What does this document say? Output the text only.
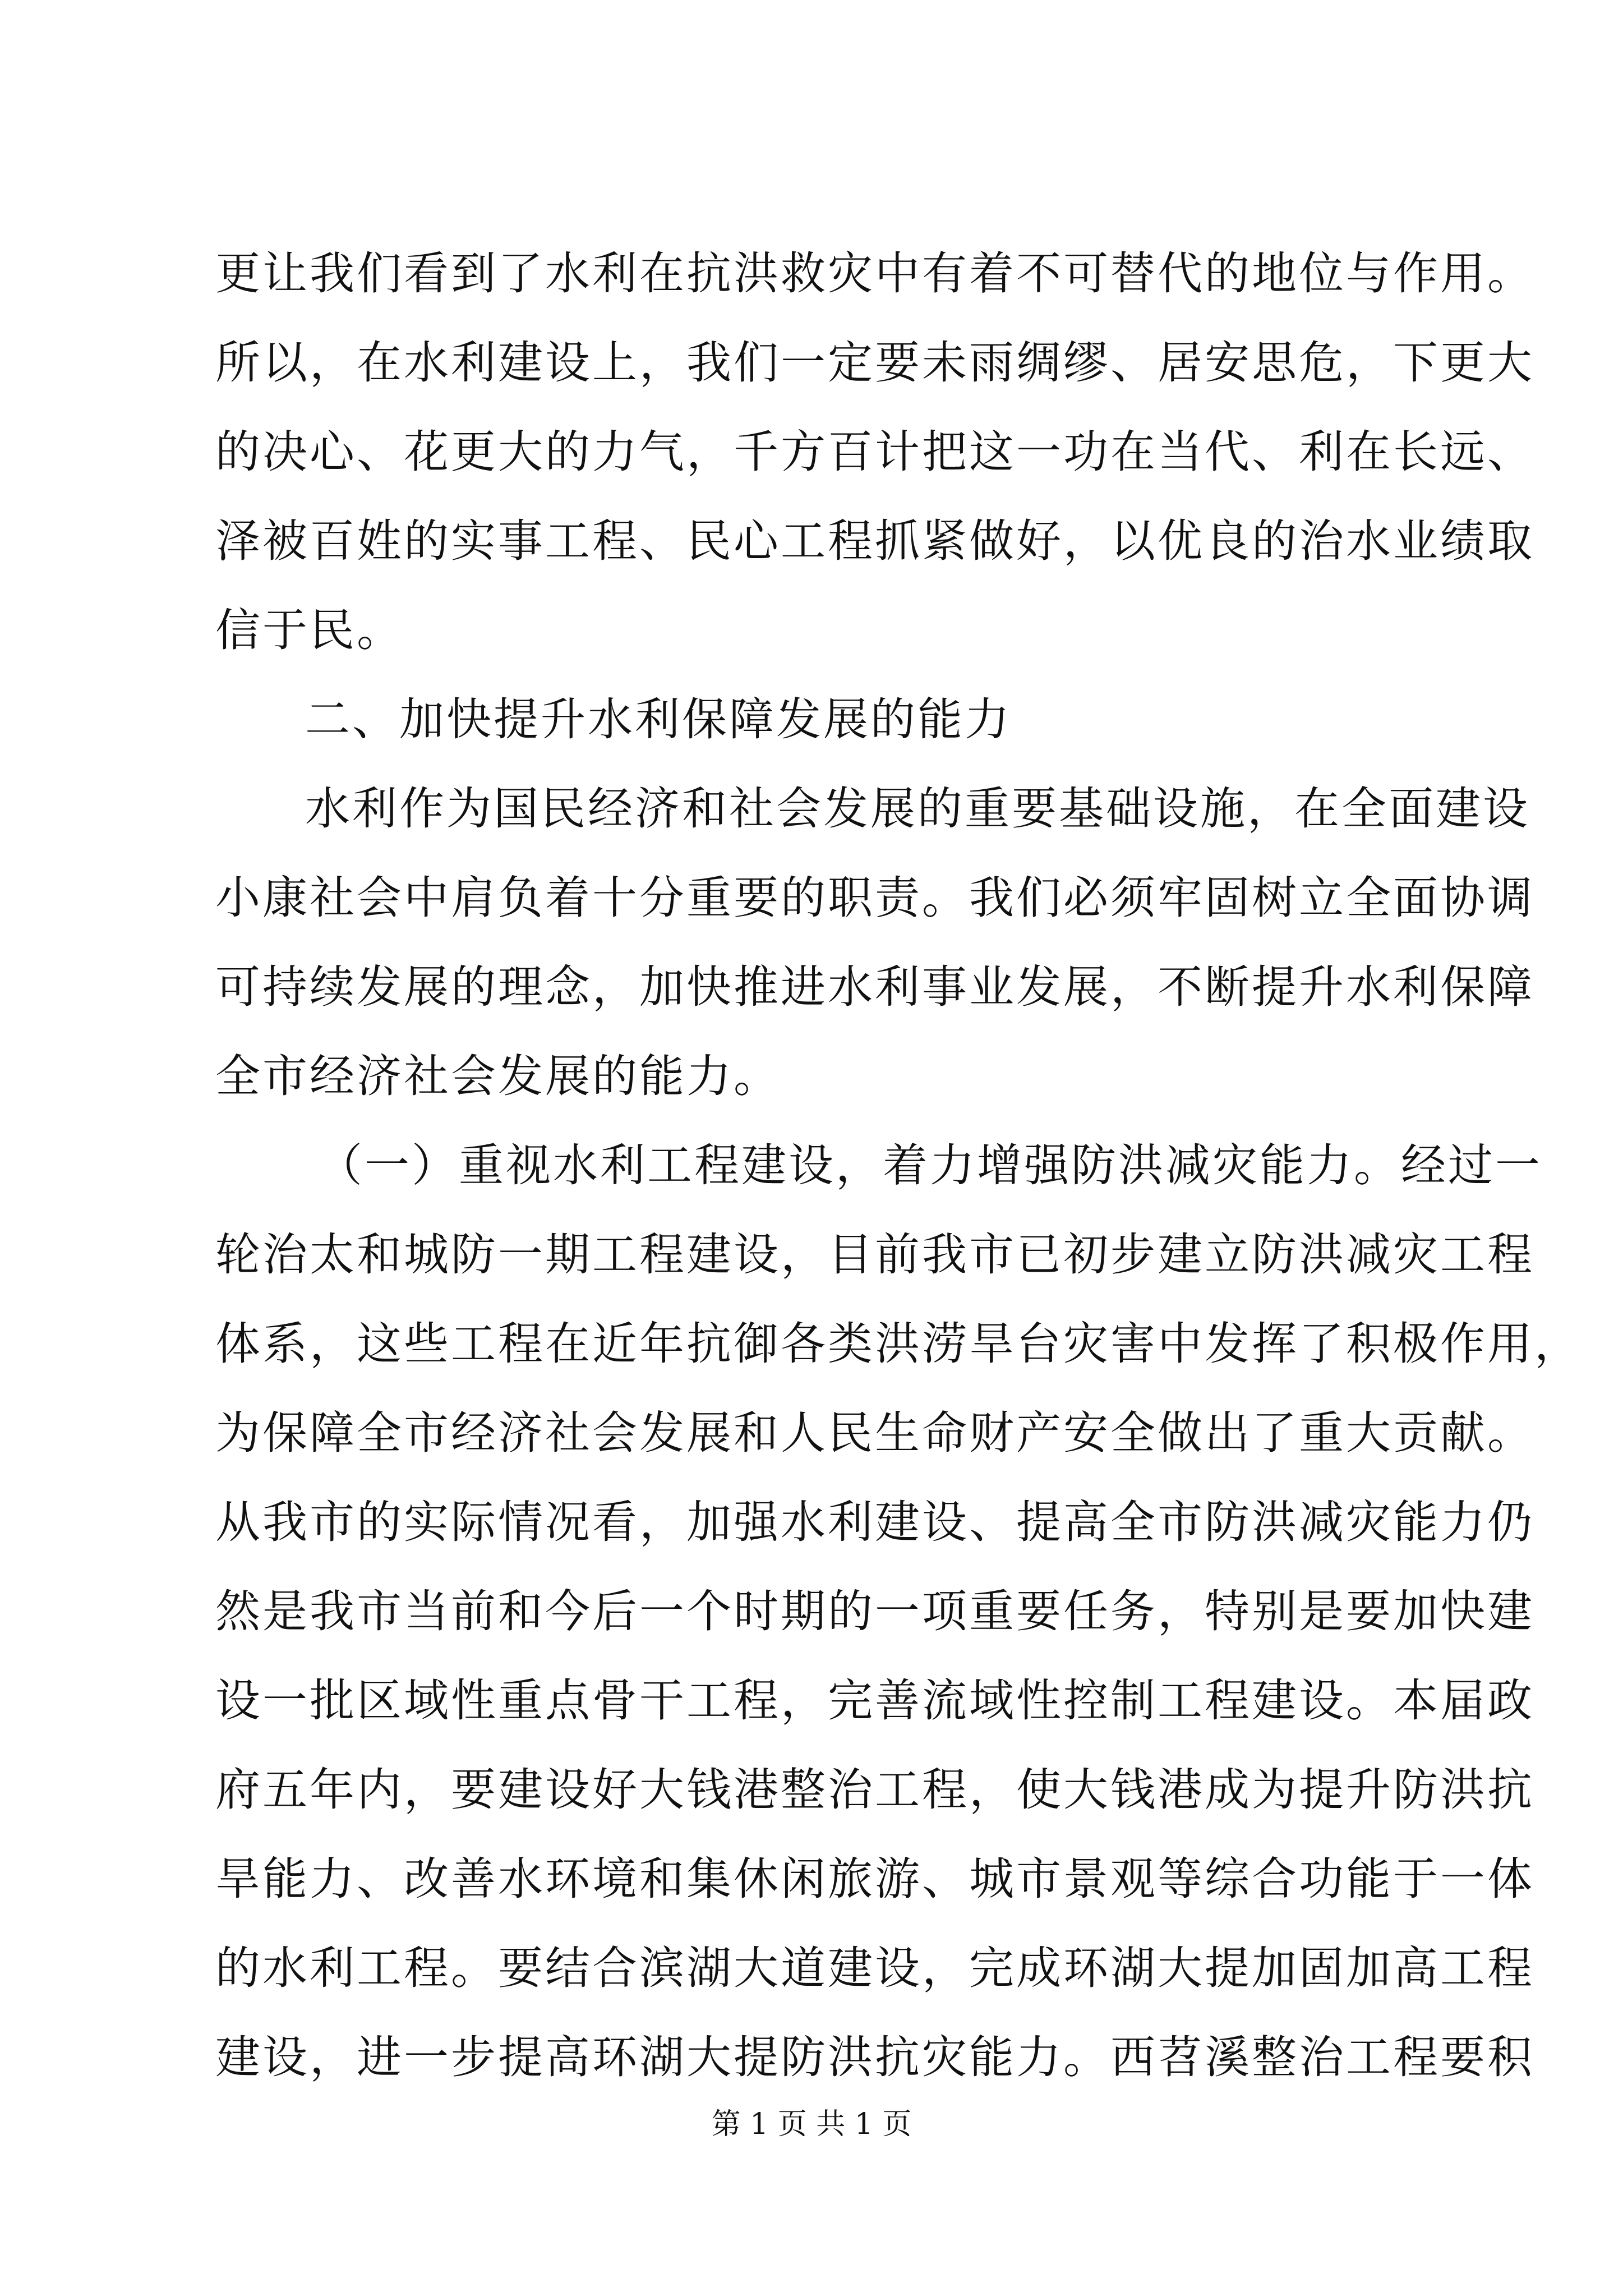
更让我们看到了水利在抗洪救灾中有着不可替代的地位与作用。
所以，在水利建设上，我们一定要未雨绸缪、居安思危，下更大
的决心、花更大的力气，千方百计把这一功在当代、利在长远、
泽被百姓的实事工程、民心工程抓紧做好，以优良的治水业绩取
信于民。
二、加快提升水利保障发展的能力
水利作为国民经济和社会发展的重要基础设施，在全面建设
小康社会中肩负着十分重要的职责。我们必须牢固树立全面协调
可持续发展的理念，加快推进水利事业发展，不断提升水利保障
全市经济社会发展的能力。
（一）重视水利工程建设，着力增强防洪减灾能力。经过一
轮治太和城防一期工程建设，目前我市已初步建立防洪减灾工程
体系，这些工程在近年抗御各类洪涝旱台灾害中发挥了积极作用，
为保障全市经济社会发展和人民生命财产安全做出了重大贡献。
从我市的实际情况看，加强水利建设、提高全市防洪减灾能力仍
然是我市当前和今后一个时期的一项重要任务，特别是要加快建
设一批区域性重点骨干工程，完善流域性控制工程建设。本届政
府五年内，要建设好大钱港整治工程，使大钱港成为提升防洪抗
旱能力、改善水环境和集休闲旅游、城市景观等综合功能于一体
的水利工程。要结合滨湖大道建设，完成环湖大提加固加高工程
建设，进一步提高环湖大提防洪抗灾能力。西苕溪整治工程要积
第 1 页 共 1 页
